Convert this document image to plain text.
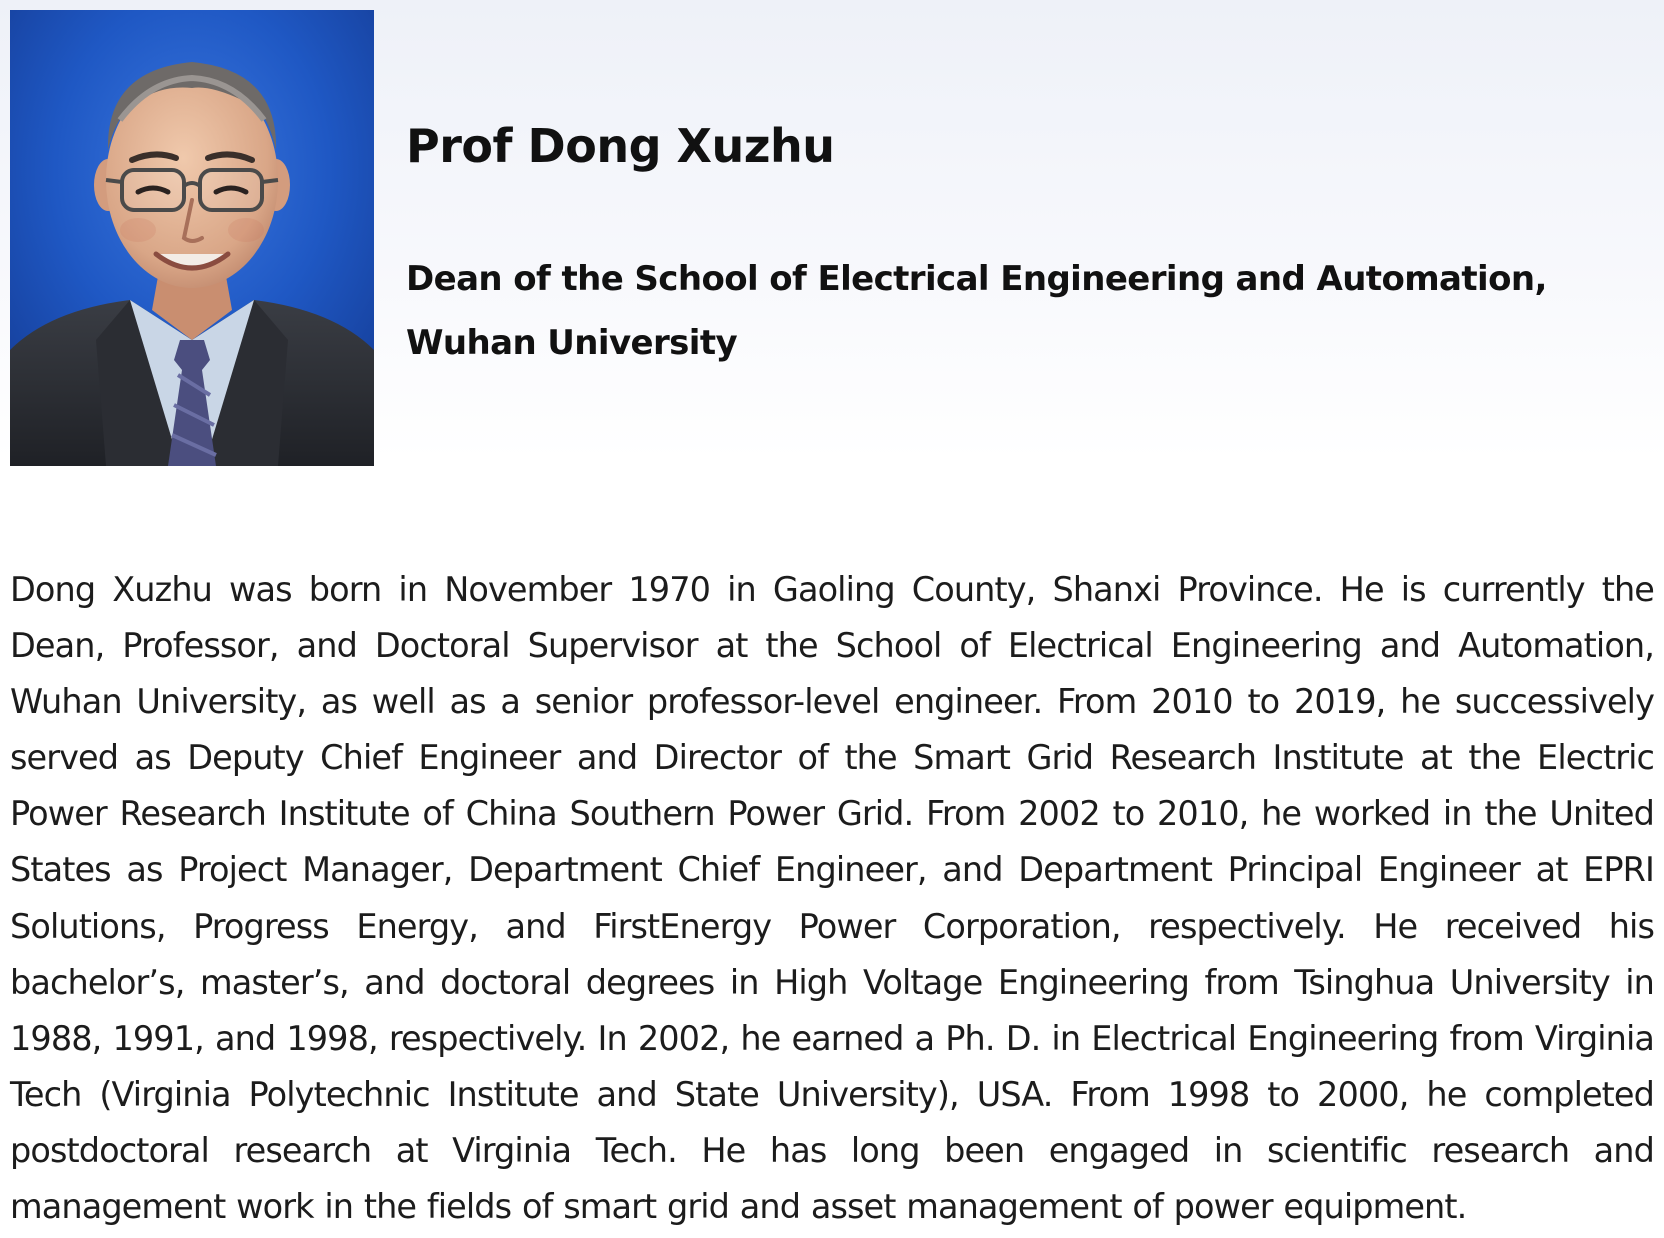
Prof Dong Xuzhu
Dean of the School of Electrical Engineering and Automation, Wuhan University

Dong Xuzhu was born in November 1970 in Gaoling County, Shanxi Province. He is currently the Dean, Professor, and Doctoral Supervisor at the School of Electrical Engineering and Automation, Wuhan University, as well as a senior professor-level engineer. From 2010 to 2019, he successively served as Deputy Chief Engineer and Director of the Smart Grid Research Institute at the Electric Power Research Institute of China Southern Power Grid. From 2002 to 2010, he worked in the United States as Project Manager, Department Chief Engineer, and Department Principal Engineer at EPRI Solutions, Progress Energy, and FirstEnergy Power Corporation, respectively. He received his bachelor’s, master’s, and doctoral degrees in High Voltage Engineering from Tsinghua University in 1988, 1991, and 1998, respectively. In 2002, he earned a Ph. D. in Electrical Engineering from Virginia Tech (Virginia Polytechnic Institute and State University), USA. From 1998 to 2000, he completed postdoctoral research at Virginia Tech. He has long been engaged in scientific research and management work in the fields of smart grid and asset management of power equipment.
